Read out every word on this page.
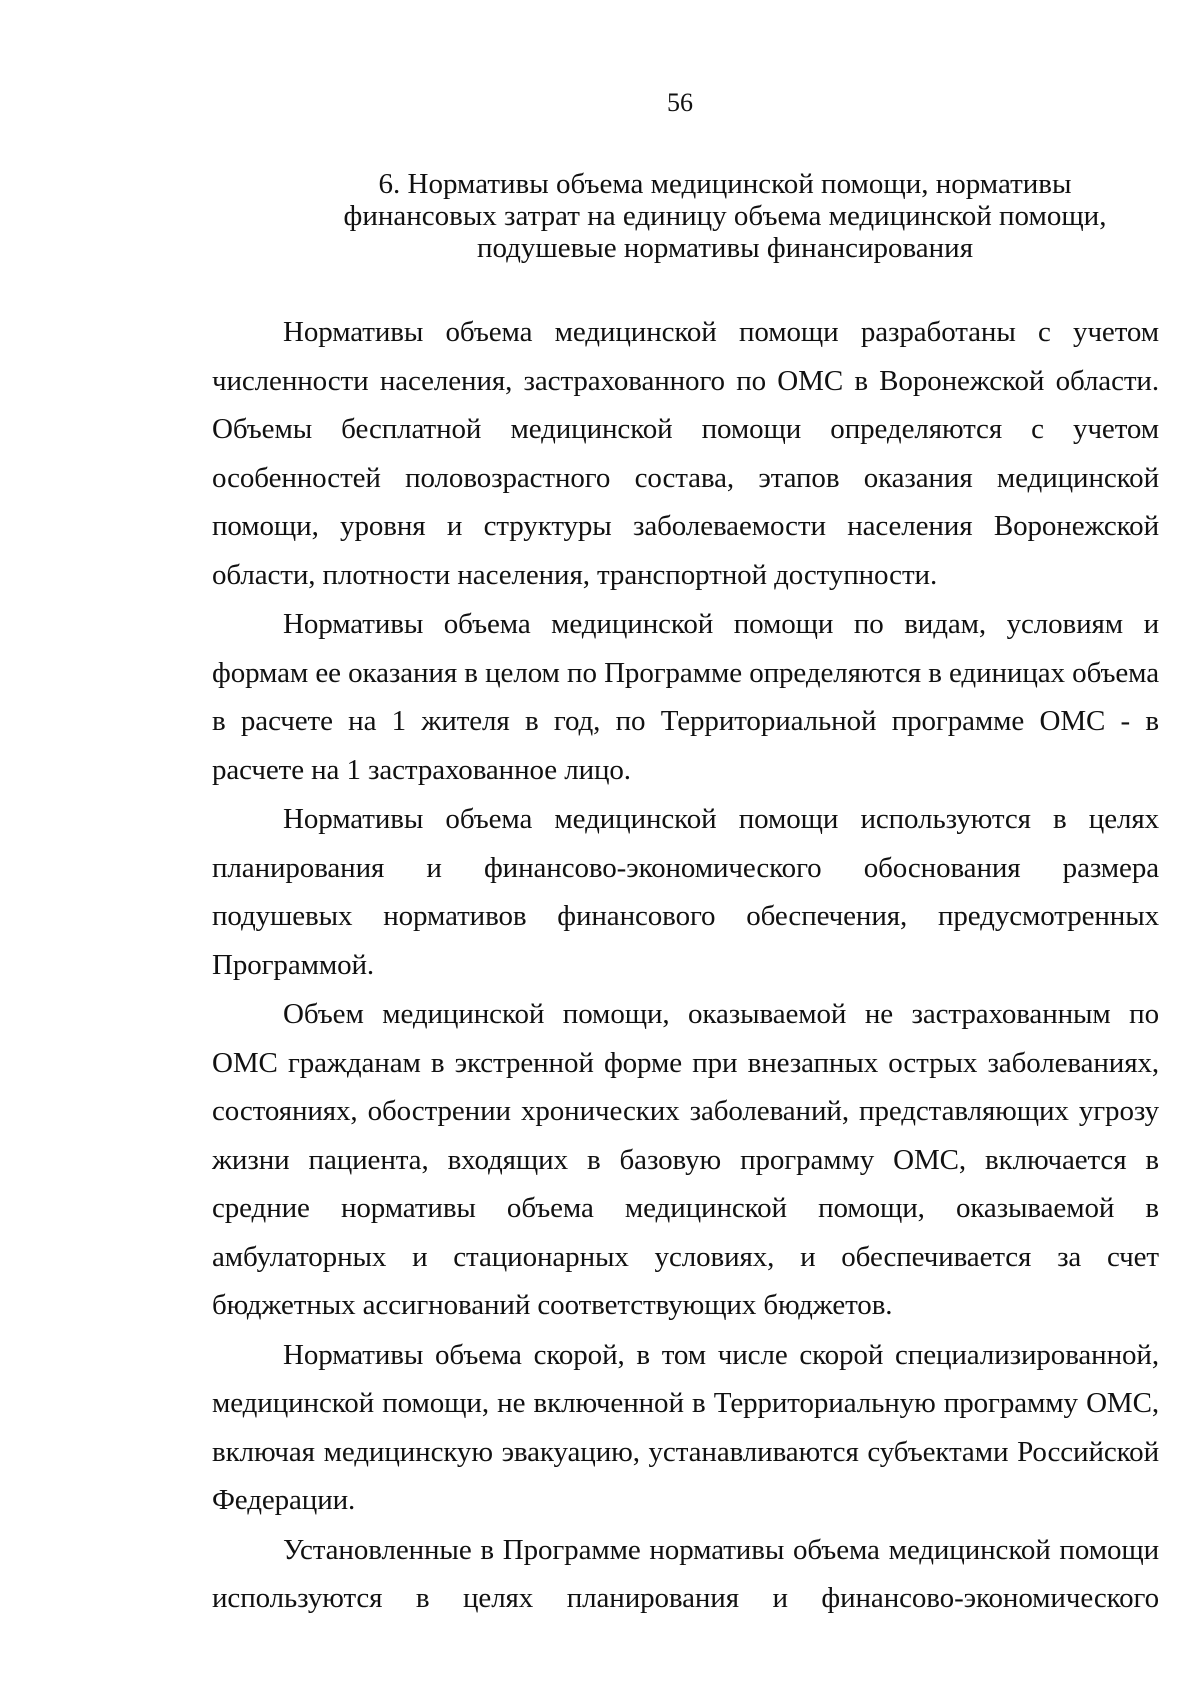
56
6. Нормативы объема медицинской помощи, нормативы
финансовых затрат на единицу объема медицинской помощи,
подушевые нормативы финансирования

Нормативы объема медицинской помощи разработаны с учетом численности населения, застрахованного по ОМС в Воронежской области. Объемы бесплатной медицинской помощи определяются с учетом особенностей половозрастного состава, этапов оказания медицинской помощи, уровня и структуры заболеваемости населения Воронежской области, плотности населения, транспортной доступности.

Нормативы объема медицинской помощи по видам, условиям и формам ее оказания в целом по Программе определяются в единицах объема в расчете на 1 жителя в год, по Территориальной программе ОМС - в расчете на 1 застрахованное лицо.

Нормативы объема медицинской помощи используются в целях планирования и финансово-экономического обоснования размера подушевых нормативов финансового обеспечения, предусмотренных Программой.

Объем медицинской помощи, оказываемой не застрахованным по ОМС гражданам в экстренной форме при внезапных острых заболеваниях, состояниях, обострении хронических заболеваний, представляющих угрозу жизни пациента, входящих в базовую программу ОМС, включается в средние нормативы объема медицинской помощи, оказываемой в амбулаторных и стационарных условиях, и обеспечивается за счет бюджетных ассигнований соответствующих бюджетов.

Нормативы объема скорой, в том числе скорой специализированной, медицинской помощи, не включенной в Территориальную программу ОМС, включая медицинскую эвакуацию, устанавливаются субъектами Российской Федерации.

Установленные в Программе нормативы объема медицинской помощи используются в целях планирования и финансово-экономического
